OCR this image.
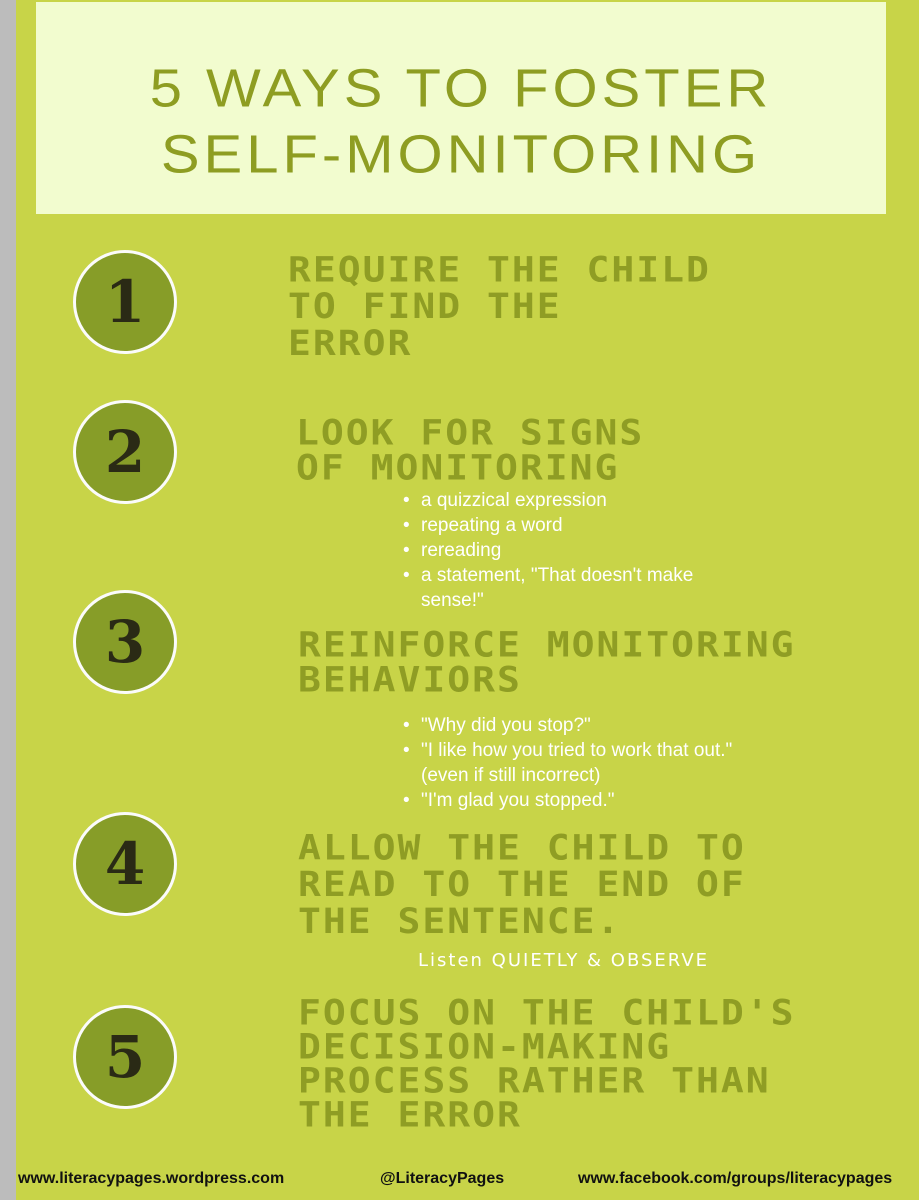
5 WAYS TO FOSTER
SELF-MONITORING
1	REQUIRE THE CHILD
TO FIND THE
ERROR
2	LOOK FOR SIGNS
OF MONITORING
• a quizzical expression
• repeating a word
• rereading
• a statement, "That doesn't make sense!"
3	REINFORCE MONITORING
BEHAVIORS
• "Why did you stop?"
• "I like how you tried to work that out." (even if still incorrect)
• "I'm glad you stopped."
4	ALLOW THE CHILD TO
READ TO THE END OF
THE SENTENCE.
Listen QUIETLY & OBSERVE
5
FOCUS ON THE CHILD'S
DECISION-MAKING
PROCESS RATHER THAN
THE ERROR
www.literacypages.wordpress.com	@LiteracyPages	www.facebook.com/groups/literacypages
